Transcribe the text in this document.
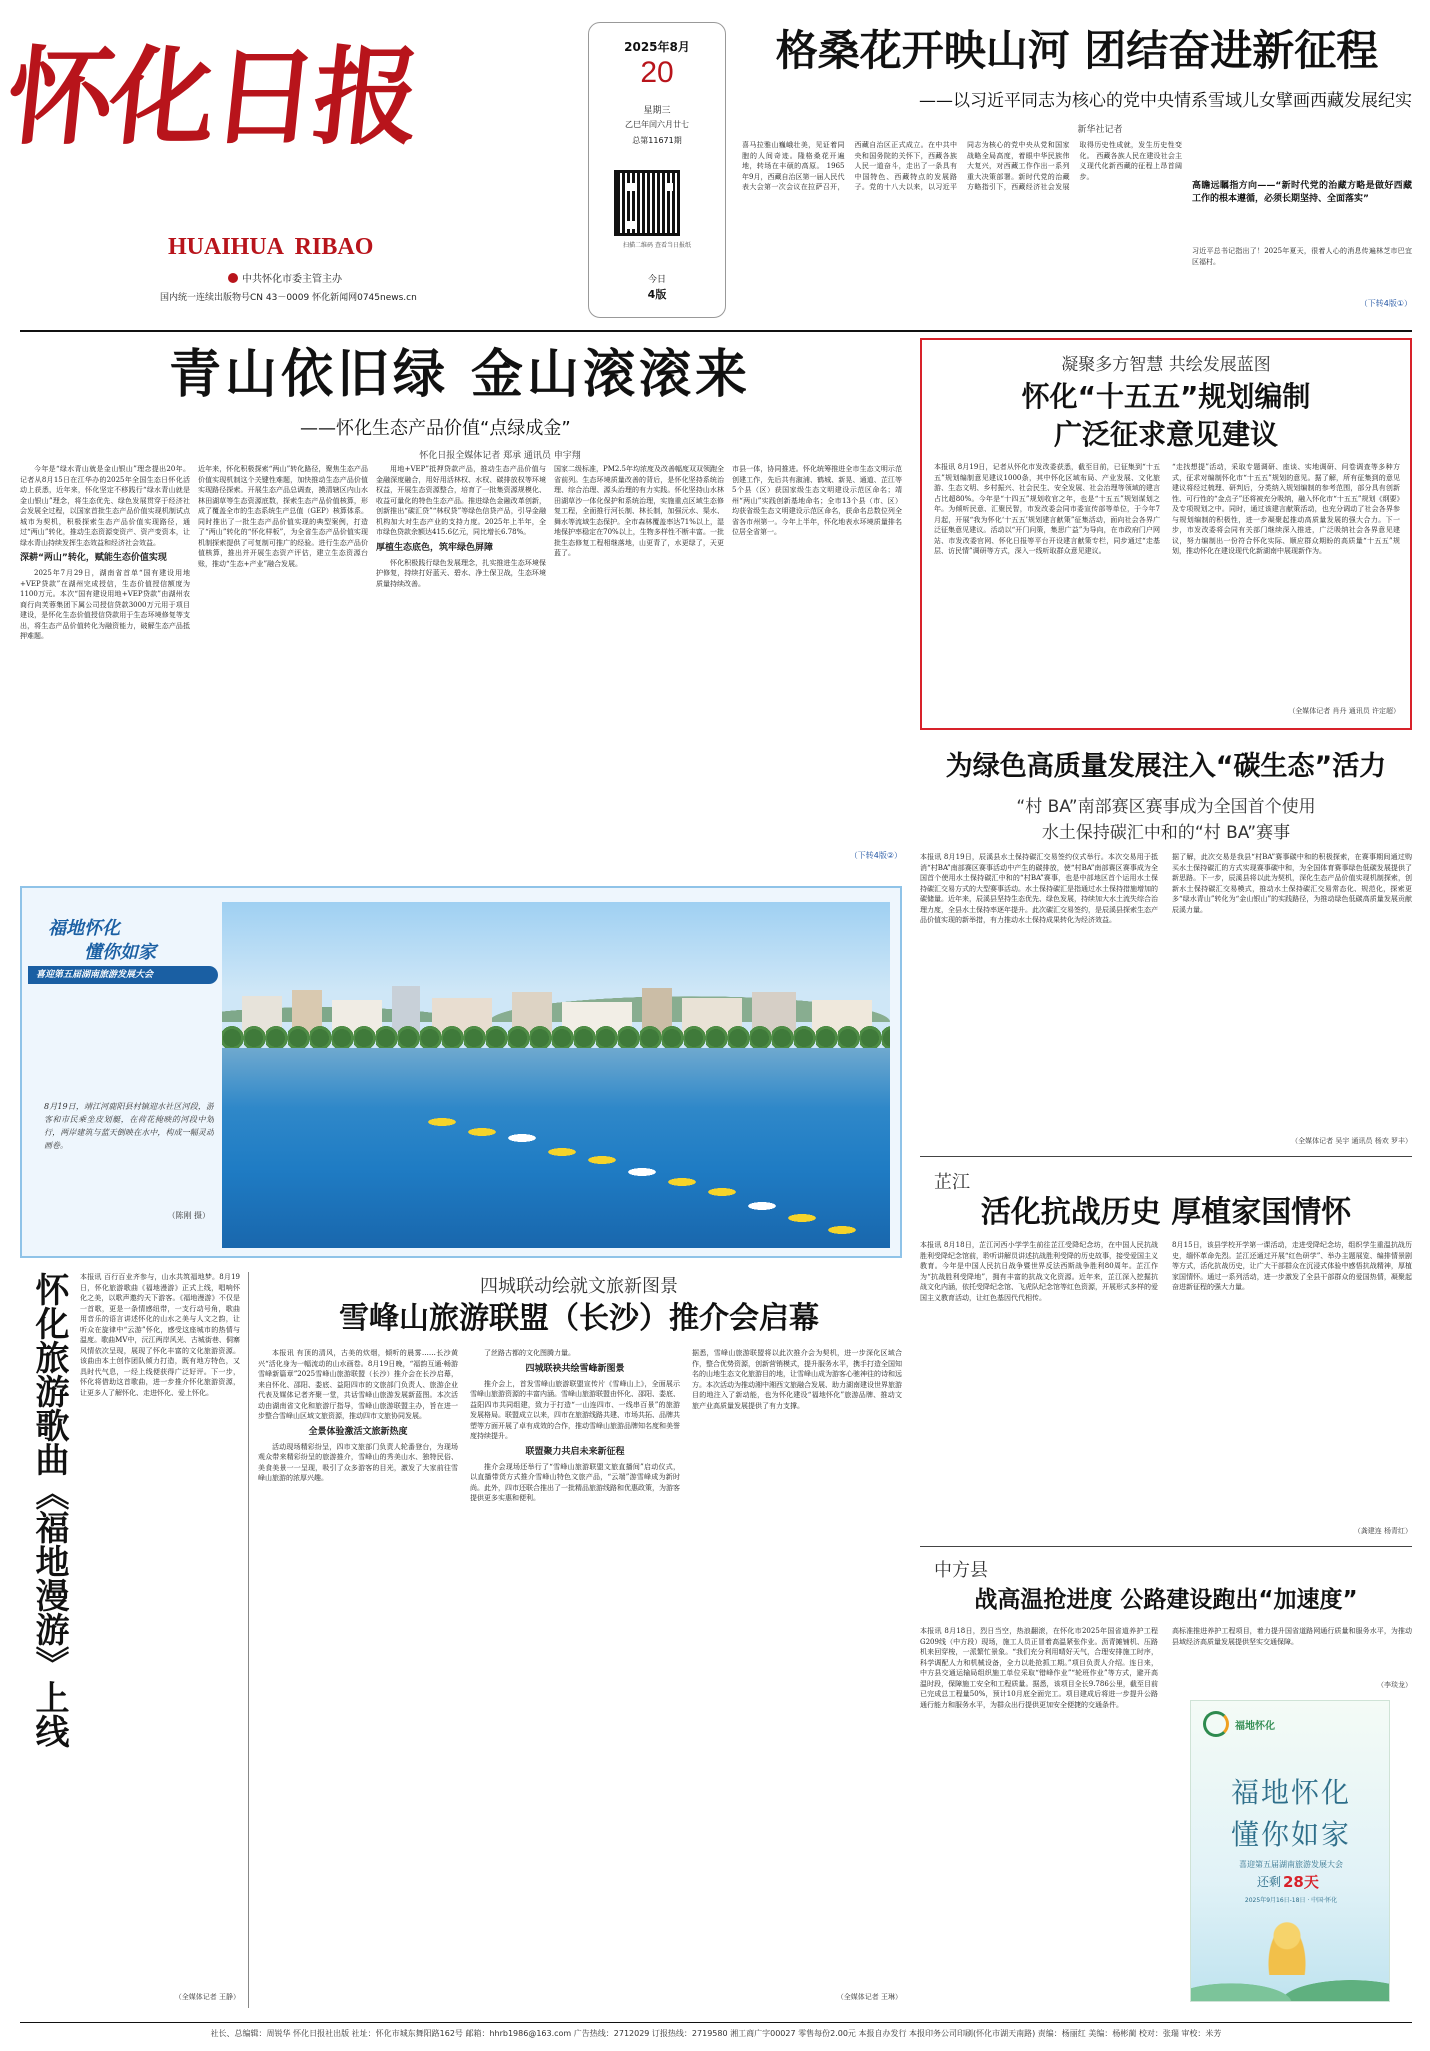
怀化日报
HUAIHUA  RIBAO
中共怀化市委主管主办
国内统一连续出版物号CN 43－0009 怀化新闻网0745news.cn
2025年8月
20
星期三
乙巳年闰六月廿七
总第11671期
扫描二维码 查看当日报纸
今日
4版
格桑花开映山河 团结奋进新征程
——以习近平同志为核心的党中央情系雪域儿女擘画西藏发展纪实
新华社记者
喜马拉雅山巍峨壮美，见证着同胞的人间奇迹。隆格桑花开遍地，转场在丰硕的高原。 1965年9月，西藏自治区第一届人民代表大会第一次会议在拉萨召开，西藏自治区正式成立。在中共中央和国务院的关怀下，西藏各族人民一道奋斗，走出了一条具有中国特色、西藏特点的发展路子。党的十八大以来，以习近平同志为核心的党中央从党和国家战略全局高度，着眼中华民族伟大复兴，对西藏工作作出一系列重大决策部署。新时代党的治藏方略指引下，西藏经济社会发展取得历史性成就，发生历史性变化。 西藏各族人民在建设社会主义现代化新西藏的征程上昂首阔步。
高瞻远瞩指方向——“新时代党的治藏方略是做好西藏工作的根本遵循，必须长期坚持、全面落实”
习近平总书记指出了！2025年夏天，很着人心的消息传遍林芝市巴宜区福村。
（下转4版①）
青山依旧绿 金山滚滚来
——怀化生态产品价值“点绿成金”
怀化日报全媒体记者 郑承 通讯员 申宇翔

今年是“绿水青山就是金山银山”理念提出20年。记者从8月15日在江华办的2025年全国生态日怀化活动上获悉，近年来，怀化坚定不移践行“绿水青山就是金山银山”理念，将生态优先、绿色发展贯穿于经济社会发展全过程，以国家首批生态产品价值实现机制试点城市为契机，积极探索生态产品价值实现路径，通过“两山”转化，推动生态资源变资产、资产变资本，让绿水青山持续发挥生态效益和经济社会效益。

深耕“两山”转化，赋能生态价值实现

2025年7月29日，湖南省首单“国有建设用地+VEP贷款”在湖州完成授信，生态价值授信额度为1100万元。本次“国有建设用地+VEP贷款”由湖州农商行向芙蓉集团下属公司授信贷款3000万元用于项目建设，是怀化生态价值授信贷款用于生态环境修复等支出，将生态产品价值转化为融资能力，破解生态产品抵押难题。

近年来，怀化积极探索“两山”转化路径，聚焦生态产品价值实现机制这个关键性难题，加快推动生态产品价值实现路径探索。开展生态产品总调查，摸清辖区内山水林田湖草等生态资源底数，探索生态产品价值核算，形成了覆盖全市的生态系统生产总值（GEP）核算体系。同时推出了一批生态产品价值实现的典型案例，打造了“两山”转化的“怀化样板”，为全省生态产品价值实现机制探索提供了可复制可推广的经验。进行生态产品价值核算，推出并开展生态资产评估，建立生态资源台账，推动“生态+产业”融合发展。

用地+VEP”抵押贷款产品，推动生态产品价值与金融深度融合，用好用活林权、水权、碳排放权等环境权益，开展生态资源整合，培育了一批集资源规模化、收益可量化的特色生态产品。推进绿色金融改革创新，创新推出“碳汇贷”“林权贷”等绿色信贷产品，引导金融机构加大对生态产业的支持力度。2025年上半年，全市绿色贷款余额达415.6亿元，同比增长6.78%。

厚植生态底色，筑牢绿色屏障

怀化积极践行绿色发展理念，扎实推进生态环境保护修复，持续打好蓝天、碧水、净土保卫战，生态环境质量持续改善。

国家二级标准，PM2.5年均浓度及改善幅度双双领跑全省前列。生态环境质量改善的背后，是怀化坚持系统治理、综合治理、源头治理的有力实践。怀化坚持山水林田湖草沙一体化保护和系统治理，实施重点区域生态修复工程，全面推行河长制、林长制，加强沅水、渠水、舞水等流域生态保护。全市森林覆盖率达71%以上，湿地保护率稳定在70%以上，生物多样性不断丰富。一批批生态修复工程相继落地，山更青了，水更绿了，天更蓝了。
市县一体，协同推进。怀化统筹推进全市生态文明示范创建工作，先后共有溆浦、鹤城、新晃、通道、芷江等5个县（区）获国家级生态文明建设示范区命名；靖州“两山”实践创新基地命名；全市13个县（市、区）均获省级生态文明建设示范区命名，获命名总数位列全省各市州第一。今年上半年，怀化地表水环境质量排名位居全省第一。
（下转4版②）
凝聚多方智慧 共绘发展蓝图
怀化“十五五”规划编制
广泛征求意见建议
本报讯 8月19日，记者从怀化市发改委获悉，截至目前，已征集到“十五五”规划编制意见建议1000条，其中怀化区域布局、产业发展、文化旅游、生态文明、乡村振兴、社会民生、安全发展、社会治理等领域的建言占比超80%。今年是“十四五”规划收官之年，也是“十五五”规划谋划之年。为倾听民意、汇聚民智，市发改委会同市委宣传部等单位，于今年7月起，开展“我为怀化‘十五五’规划建言献策”征集活动，面向社会各界广泛征集意见建议。活动以“开门问策，集思广益”为导向，在市政府门户网站、市发改委官网、怀化日报等平台开设建言献策专栏，同步通过“走基层、访民情”调研等方式，深入一线听取群众意见建议。
“走找想提”活动，采取专题调研、座谈、实地调研、问卷调查等多种方式，征求对编制怀化市“十五五”规划的意见。据了解，所有征集到的意见建议将经过梳理、研判后，分类纳入规划编制的参考范围，部分具有创新性、可行性的“金点子”还将被充分吸纳，融入怀化市“十五五”规划《纲要》及专项规划之中。同时，通过该建言献策活动，也充分调动了社会各界参与规划编制的积极性，进一步凝聚起推动高质量发展的强大合力。下一步，市发改委将会同有关部门继续深入推进，广泛吸纳社会各界意见建议，努力编制出一份符合怀化实际、顺应群众期盼的高质量“十五五”规划，推动怀化在建设现代化新湖南中展现新作为。
（全媒体记者 肖丹 通讯员 许定超）
为绿色高质量发展注入“碳生态”活力
“村 BA”南部赛区赛事成为全国首个使用
水土保持碳汇中和的“村 BA”赛事
本报讯 8月19日，辰溪县水土保持碳汇交易签约仪式举行。本次交易用于抵消“村BA”南部赛区赛事活动中产生的碳排放，使“村BA”南部赛区赛事成为全国首个使用水土保持碳汇中和的“村BA”赛事，也是中部地区首个运用水土保持碳汇交易方式的大型赛事活动。水土保持碳汇是指通过水土保持措施增加的碳储量。近年来，辰溪县坚持生态优先、绿色发展，持续加大水土流失综合治理力度，全县水土保持率逐年提升。此次碳汇交易签约，是辰溪县探索生态产品价值实现的新举措，有力推动水土保持成果转化为经济效益。
据了解，此次交易是我县“村BA”赛事碳中和的积极探索，在赛事期间通过购买水土保持碳汇的方式实现赛事碳中和，为全国体育赛事绿色低碳发展提供了新思路。下一步，辰溪县将以此为契机，深化生态产品价值实现机制探索，创新水土保持碳汇交易模式，推动水土保持碳汇交易常态化、规范化，探索更多“绿水青山”转化为“金山银山”的实践路径，为推动绿色低碳高质量发展贡献辰溪力量。
（全媒体记者 吴宇 通讯员 杨欢 罗丰）
芷江
活化抗战历史 厚植家国情怀
本报讯 8月18日，芷江河西小学学生前往芷江受降纪念坊，在中国人民抗战胜利受降纪念馆前，聆听讲解员讲述抗战胜利受降的历史故事，接受爱国主义教育。今年是中国人民抗日战争暨世界反法西斯战争胜利80周年。芷江作为“抗战胜利受降地”，拥有丰富的抗战文化资源。近年来，芷江深入挖掘抗战文化内涵，依托受降纪念馆、飞虎队纪念馆等红色资源，开展形式多样的爱国主义教育活动，让红色基因代代相传。
8月15日，该县学校开学第一课活动，走进受降纪念坊，组织学生重温抗战历史，缅怀革命先烈。芷江还通过开展“红色研学”、举办主题展览、编排情景剧等方式，活化抗战历史，让广大干部群众在沉浸式体验中感悟抗战精神，厚植家国情怀。通过一系列活动，进一步激发了全县干部群众的爱国热情，凝聚起奋进新征程的强大力量。
（龚建连 杨青红）
中方县
战高温抢进度 公路建设跑出“加速度”
本报讯 8月18日，烈日当空，热浪翻滚，在怀化市2025年国省道养护工程G209线（中方段）现场，施工人员正冒着高温紧张作业。沥青摊铺机、压路机来回穿梭，一派繁忙景象。“我们充分利用晴好天气，合理安排施工时序，科学调配人力和机械设备，全力以赴抢抓工期。”项目负责人介绍。连日来，中方县交通运输局组织施工单位采取“错峰作业”“轮班作业”等方式，避开高温时段，保障施工安全和工程质量。据悉，该项目全长9.786公里，截至目前已完成总工程量50%，预计10月底全面完工。项目建成后将进一步提升公路通行能力和服务水平，为群众出行提供更加安全便捷的交通条件。
高标准推进养护工程项目，着力提升国省道路网通行质量和服务水平，为推动县域经济高质量发展提供坚实交通保障。
（李琰龙）
福地怀化
福地怀化
懂你如家
喜迎第五届湖南旅游发展大会
还剩 28天
2025年9月16日-18日 · 中国·怀化
福地怀化
懂你如家
喜迎第五届湖南旅游发展大会
8月19日，靖江河鹿阳县村镇迎水社区河段，游客和市民乘坐皮划艇，在荷花掩映的河段中划行，两岸建筑与蓝天倒映在水中，构成一幅灵动画卷。
（陈刚 摄）
怀化旅游歌曲《福地漫游》上线 本报讯 百行百业齐参与，山水共筑福地梦。8月19日，怀化旅游歌曲《福地漫游》正式上线，唱响怀化之美，以歌声邀约天下游客。《福地漫游》不仅是一首歌，更是一条情感纽带，一支行动号角，歌曲用音乐的语言讲述怀化的山水之美与人文之韵，让听众在旋律中“云游”怀化，感受这座城市的热情与温度。歌曲MV中，沅江两岸风光、古城街巷、侗寨风情依次呈现，展现了怀化丰富的文化旅游资源。该曲由本土创作团队倾力打造，既有地方特色，又具时代气息，一经上线便获得广泛好评。下一步，怀化将借助这首歌曲，进一步推介怀化旅游资源，让更多人了解怀化、走进怀化、爱上怀化。
（全媒体记者 王静）
四城联动绘就文旅新图景
雪峰山旅游联盟（长沙）推介会启幕

本报讯 有顶的清风，古美的炊烟，倾听的晨雾……长沙黄兴“活化身为一幅流动的山水画卷。8月19日晚，“福韵互通·畅游雪峰新篇章”2025雪峰山旅游联盟（长沙）推介会在长沙启幕，来自怀化、邵阳、娄底、益阳四市的文旅部门负责人、旅游企业代表及媒体记者齐聚一堂，共话雪峰山旅游发展新蓝图。本次活动由湖南省文化和旅游厅指导，雪峰山旅游联盟主办，旨在进一步整合雪峰山区域文旅资源，推动四市文旅协同发展。

全景体验激活文旅新热度

活动现场精彩纷呈，四市文旅部门负责人轮番登台，为现场观众带来精彩纷呈的旅游推介，雪峰山的秀美山水、独特民俗、美食美景一一呈现，吸引了众多游客的目光，激发了大家前往雪峰山旅游的浓厚兴趣。

了丝路古都的文化图腾力量。

四城联袂共绘雪峰新图景

推介会上，首发雪峰山旅游联盟宣传片《雪峰山上》，全面展示雪峰山旅游资源的丰富内涵。雪峰山旅游联盟由怀化、邵阳、娄底、益阳四市共同组建，致力于打造“一山连四市、一线串百景”的旅游发展格局。联盟成立以来，四市在旅游线路共建、市场共拓、品牌共塑等方面开展了卓有成效的合作，推动雪峰山旅游品牌知名度和美誉度持续提升。

联盟聚力共启未来新征程

推介会现场还举行了“雪峰山旅游联盟文旅直播间”启动仪式，以直播带货方式推介雪峰山特色文旅产品，“云端”游雪峰成为新时尚。此外，四市还联合推出了一批精品旅游线路和优惠政策，为游客提供更多实惠和便利。

据悉，雪峰山旅游联盟将以此次推介会为契机，进一步深化区域合作，整合优势资源，创新营销模式，提升服务水平，携手打造全国知名的山地生态文化旅游目的地，让雪峰山成为游客心驰神往的诗和远方。本次活动为推动湘中湘西文旅融合发展、助力湖南建设世界旅游目的地注入了新动能，也为怀化建设“福地怀化”旅游品牌、推动文旅产业高质量发展提供了有力支撑。
（全媒体记者 王琳）
社长、总编辑：周锐华 怀化日报社出版 社址：怀化市城东舞阳路162号 邮箱：hhrb1986@163.com 广告热线：2712029 订报热线：2719580 湘工商广字00027 零售每份2.00元 本报自办发行 本报印务公司印刷(怀化市湖天南路) 责编：杨丽红 美编：杨彬蔺 校对：张瑞 审校：米芳
